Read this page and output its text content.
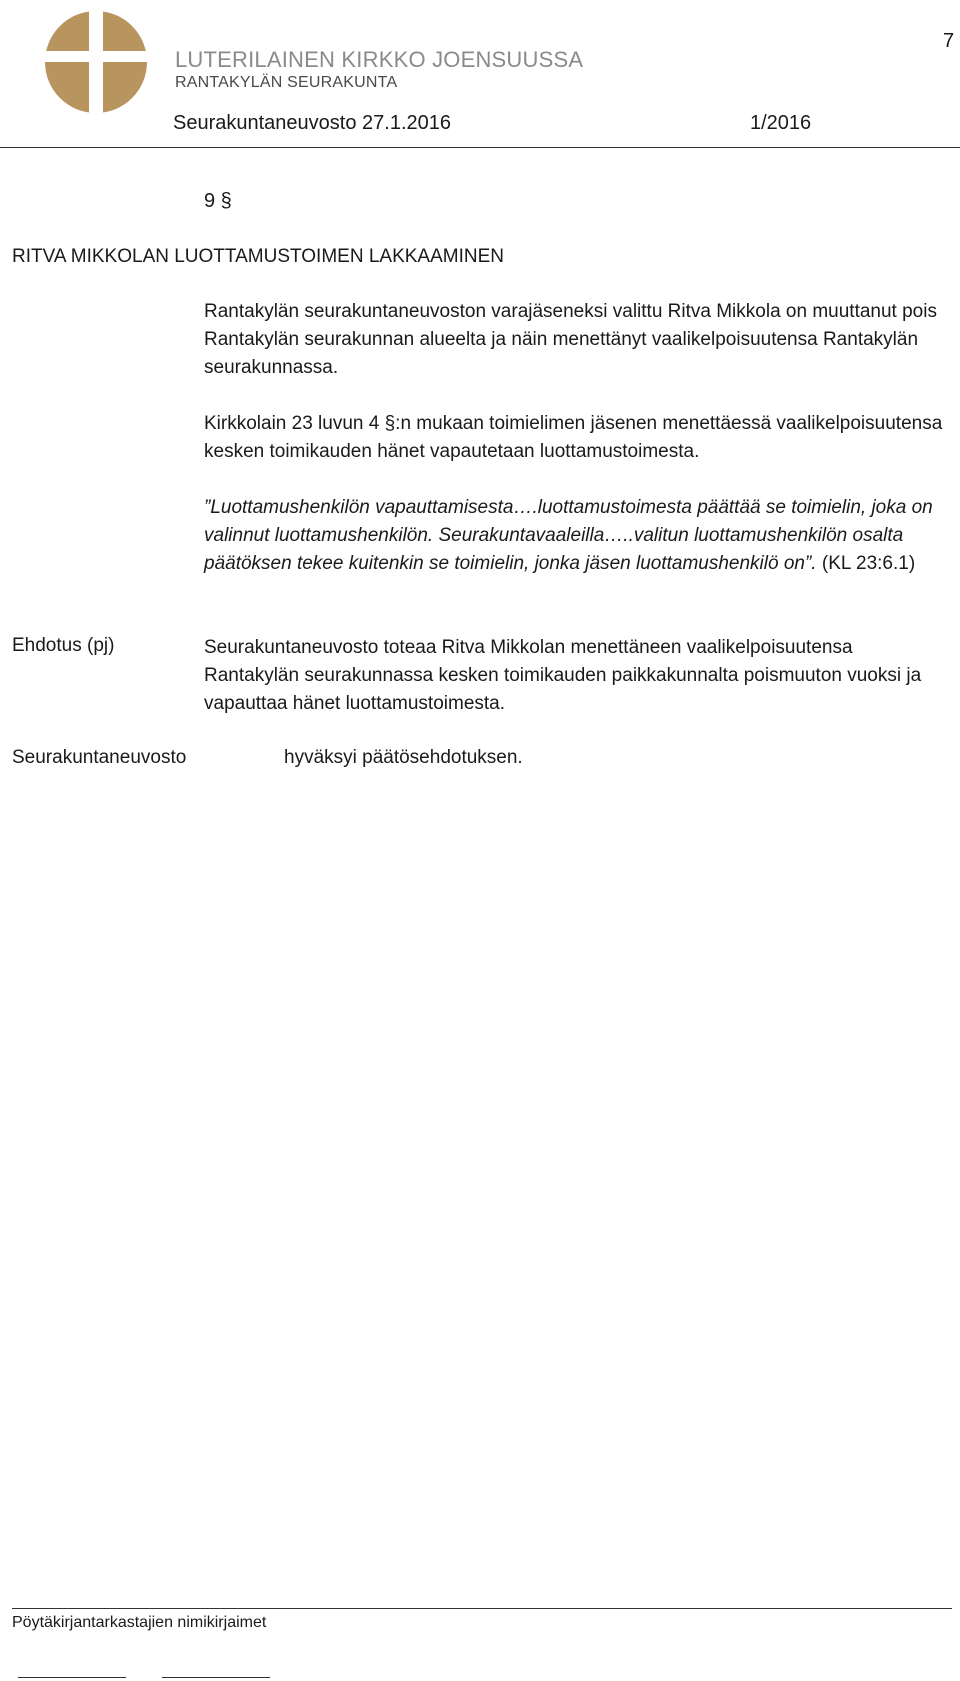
LUTERILAINEN KIRKKO JOENSUUSSA
RANTAKYLÄN SEURAKUNTA
7
Seurakuntaneuvosto 27.1.2016	1/2016
9 §
RITVA MIKKOLAN LUOTTAMUSTOIMEN LAKKAAMINEN

Rantakylän seurakuntaneuvoston varajäseneksi valittu Ritva Mikkola on muuttanut pois Rantakylän seurakunnan alueelta ja näin menettänyt vaalikelpoisuutensa Rantakylän seurakunnassa.

Kirkkolain 23 luvun 4 §:n mukaan toimielimen jäsenen menettäessä vaalikelpoisuutensa kesken toimikauden hänet vapautetaan luottamustoimesta.

”Luottamushenkilön vapauttamisesta….luottamustoimesta päättää se toimielin, joka on valinnut luottamushenkilön. Seurakuntavaaleilla…..valitun luottamushenkilön osalta päätöksen tekee kuitenkin se toimielin, jonka jäsen luottamushenkilö on”. (KL 23:6.1)

Ehdotus (pj)	Seurakuntaneuvosto toteaa Ritva Mikkolan menettäneen vaalikelpoisuutensa Rantakylän seurakunnassa kesken toimikauden paikkakunnalta poismuuton vuoksi ja vapauttaa hänet luottamustoimesta.

Seurakuntaneuvosto	hyväksyi päätösehdotuksen.
Pöytäkirjantarkastajien nimikirjaimet
